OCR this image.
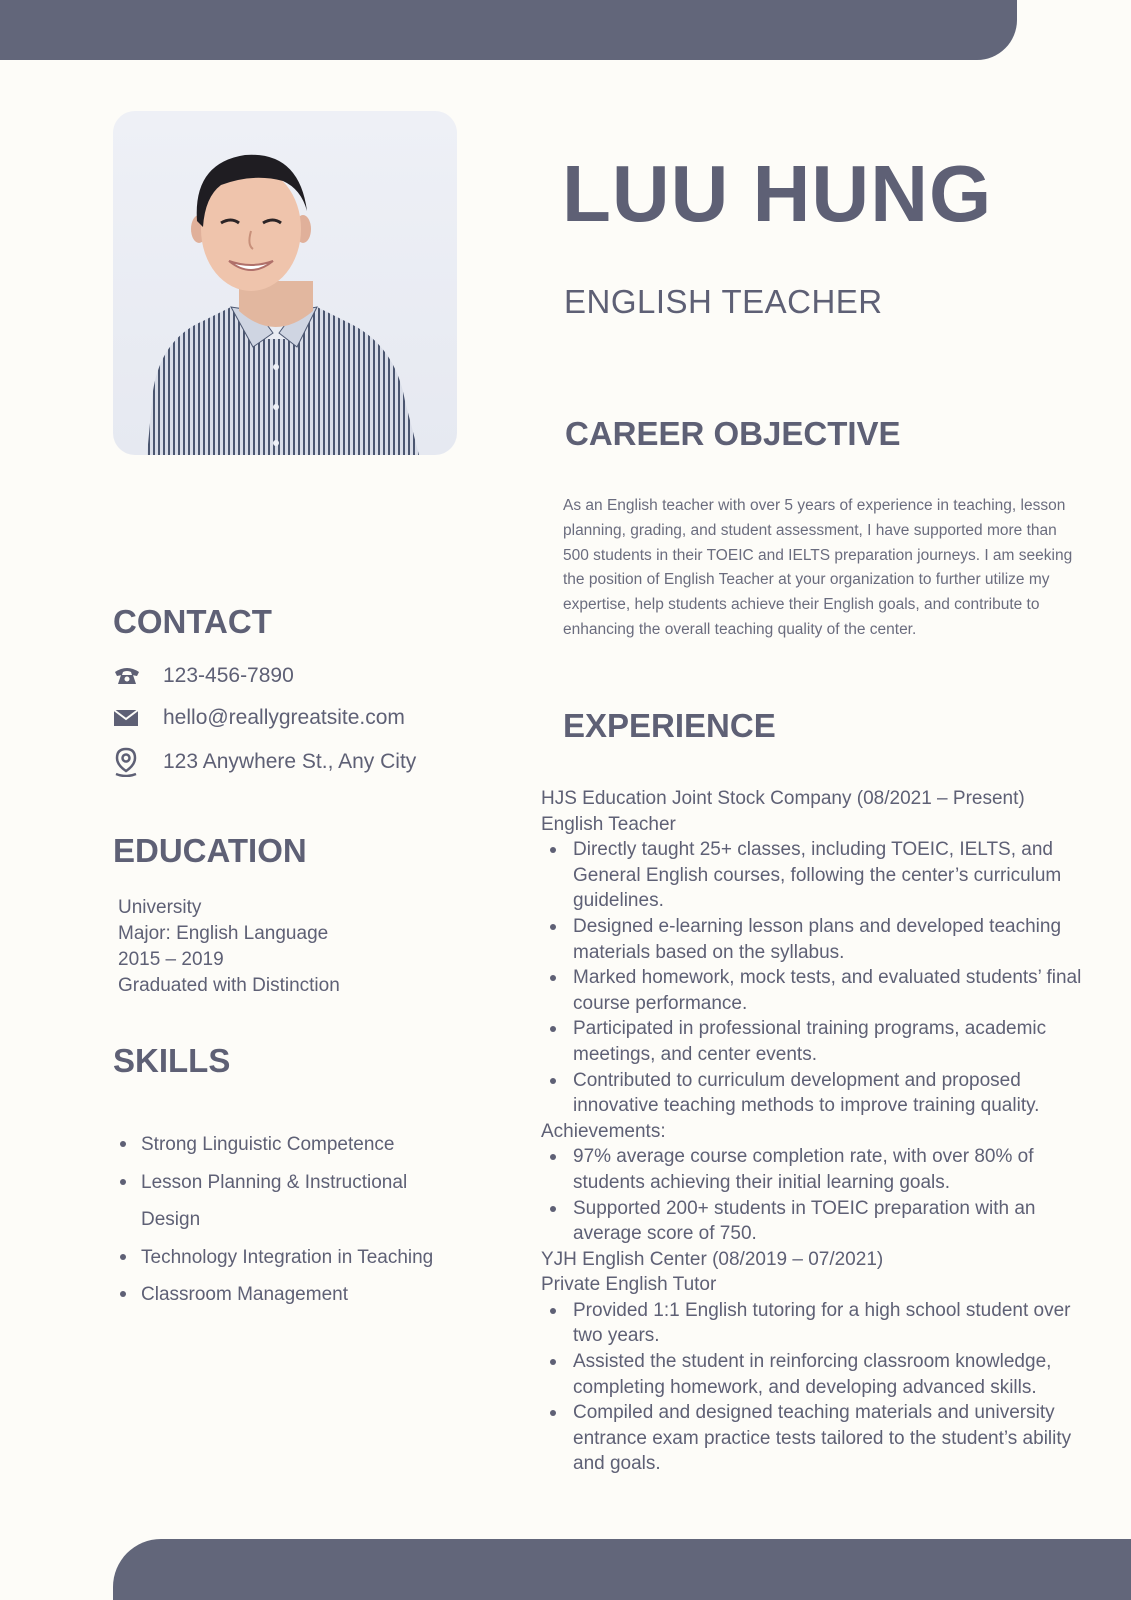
LUU HUNG
ENGLISH TEACHER
CAREER OBJECTIVE

As an English teacher with over 5 years of experience in teaching, lesson planning, grading, and student assessment, I have supported more than 500 students in their TOEIC and IELTS preparation journeys. I am seeking the position of English Teacher at your organization to further utilize my expertise, help students achieve their English goals, and contribute to enhancing the overall teaching quality of the center.

CONTACT
123-456-7890
hello@reallygreatsite.com
123 Anywhere St., Any City
EDUCATION
University
Major: English Language
2015 – 2019
Graduated with Distinction
SKILLS
Strong Linguistic Competence
Lesson Planning & Instructional Design
Technology Integration in Teaching
Classroom Management
EXPERIENCE
HJS Education Joint Stock Company (08/2021 – Present)
English Teacher
Directly taught 25+ classes, including TOEIC, IELTS, and General English courses, following the center’s curriculum guidelines.
Designed e-learning lesson plans and developed teaching materials based on the syllabus.
Marked homework, mock tests, and evaluated students’ final course performance.
Participated in professional training programs, academic meetings, and center events.
Contributed to curriculum development and proposed innovative teaching methods to improve training quality.
Achievements:
97% average course completion rate, with over 80% of students achieving their initial learning goals.
Supported 200+ students in TOEIC preparation with an average score of 750.
YJH English Center (08/2019 – 07/2021)
Private English Tutor
Provided 1:1 English tutoring for a high school student over two years.
Assisted the student in reinforcing classroom knowledge, completing homework, and developing advanced skills.
Compiled and designed teaching materials and university entrance exam practice tests tailored to the student’s ability and goals.
